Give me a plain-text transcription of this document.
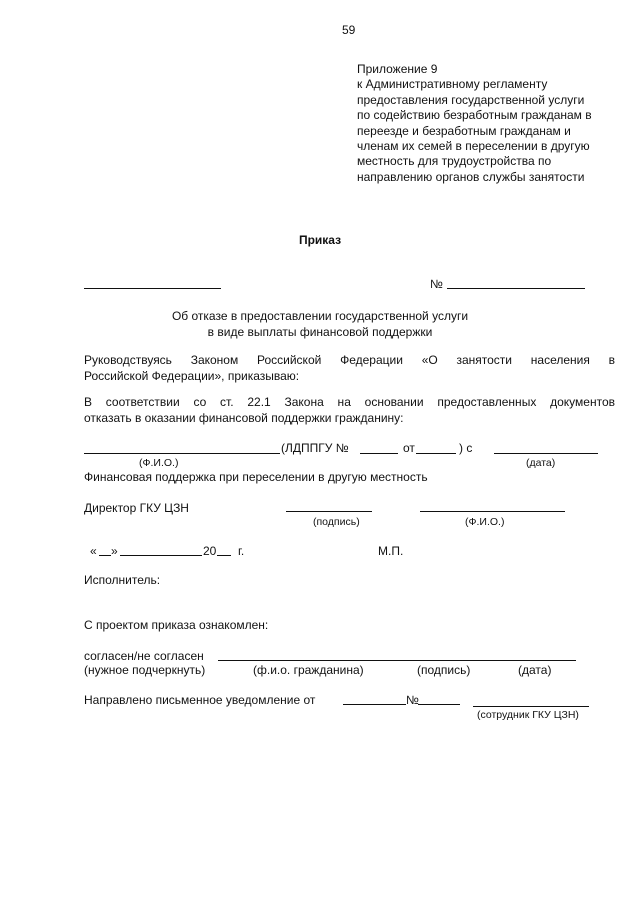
59
Приложение 9
к Административному регламенту
предоставления государственной услуги
по содействию безработным гражданам в
переезде и безработным гражданам и
членам их семей в переселении в другую
местность для трудоустройства по
направлению органов службы занятости
Приказ
№
Об отказе в предоставлении государственной услуги
в виде выплаты финансовой поддержки
Руководствуясь Законом Российской Федерации «О занятости населения в
Российской Федерации», приказываю:
В соответствии со ст. 22.1 Закона на основании предоставленных документов
отказать в оказании финансовой поддержки гражданину:
(ЛДППГУ №	от	) с
(Ф.И.О.)	(дата)
Финансовая поддержка при переселении в другую местность
Директор ГКУ ЦЗН
(подпись)	(Ф.И.О.)
« »	20 г.	М.П.
Исполнитель:
С проектом приказа ознакомлен:
согласен/не согласен
(нужное подчеркнуть)	(ф.и.о. гражданина)	(подпись)	(дата)
Направлено письменное уведомление от	№
(сотрудник ГКУ ЦЗН)
